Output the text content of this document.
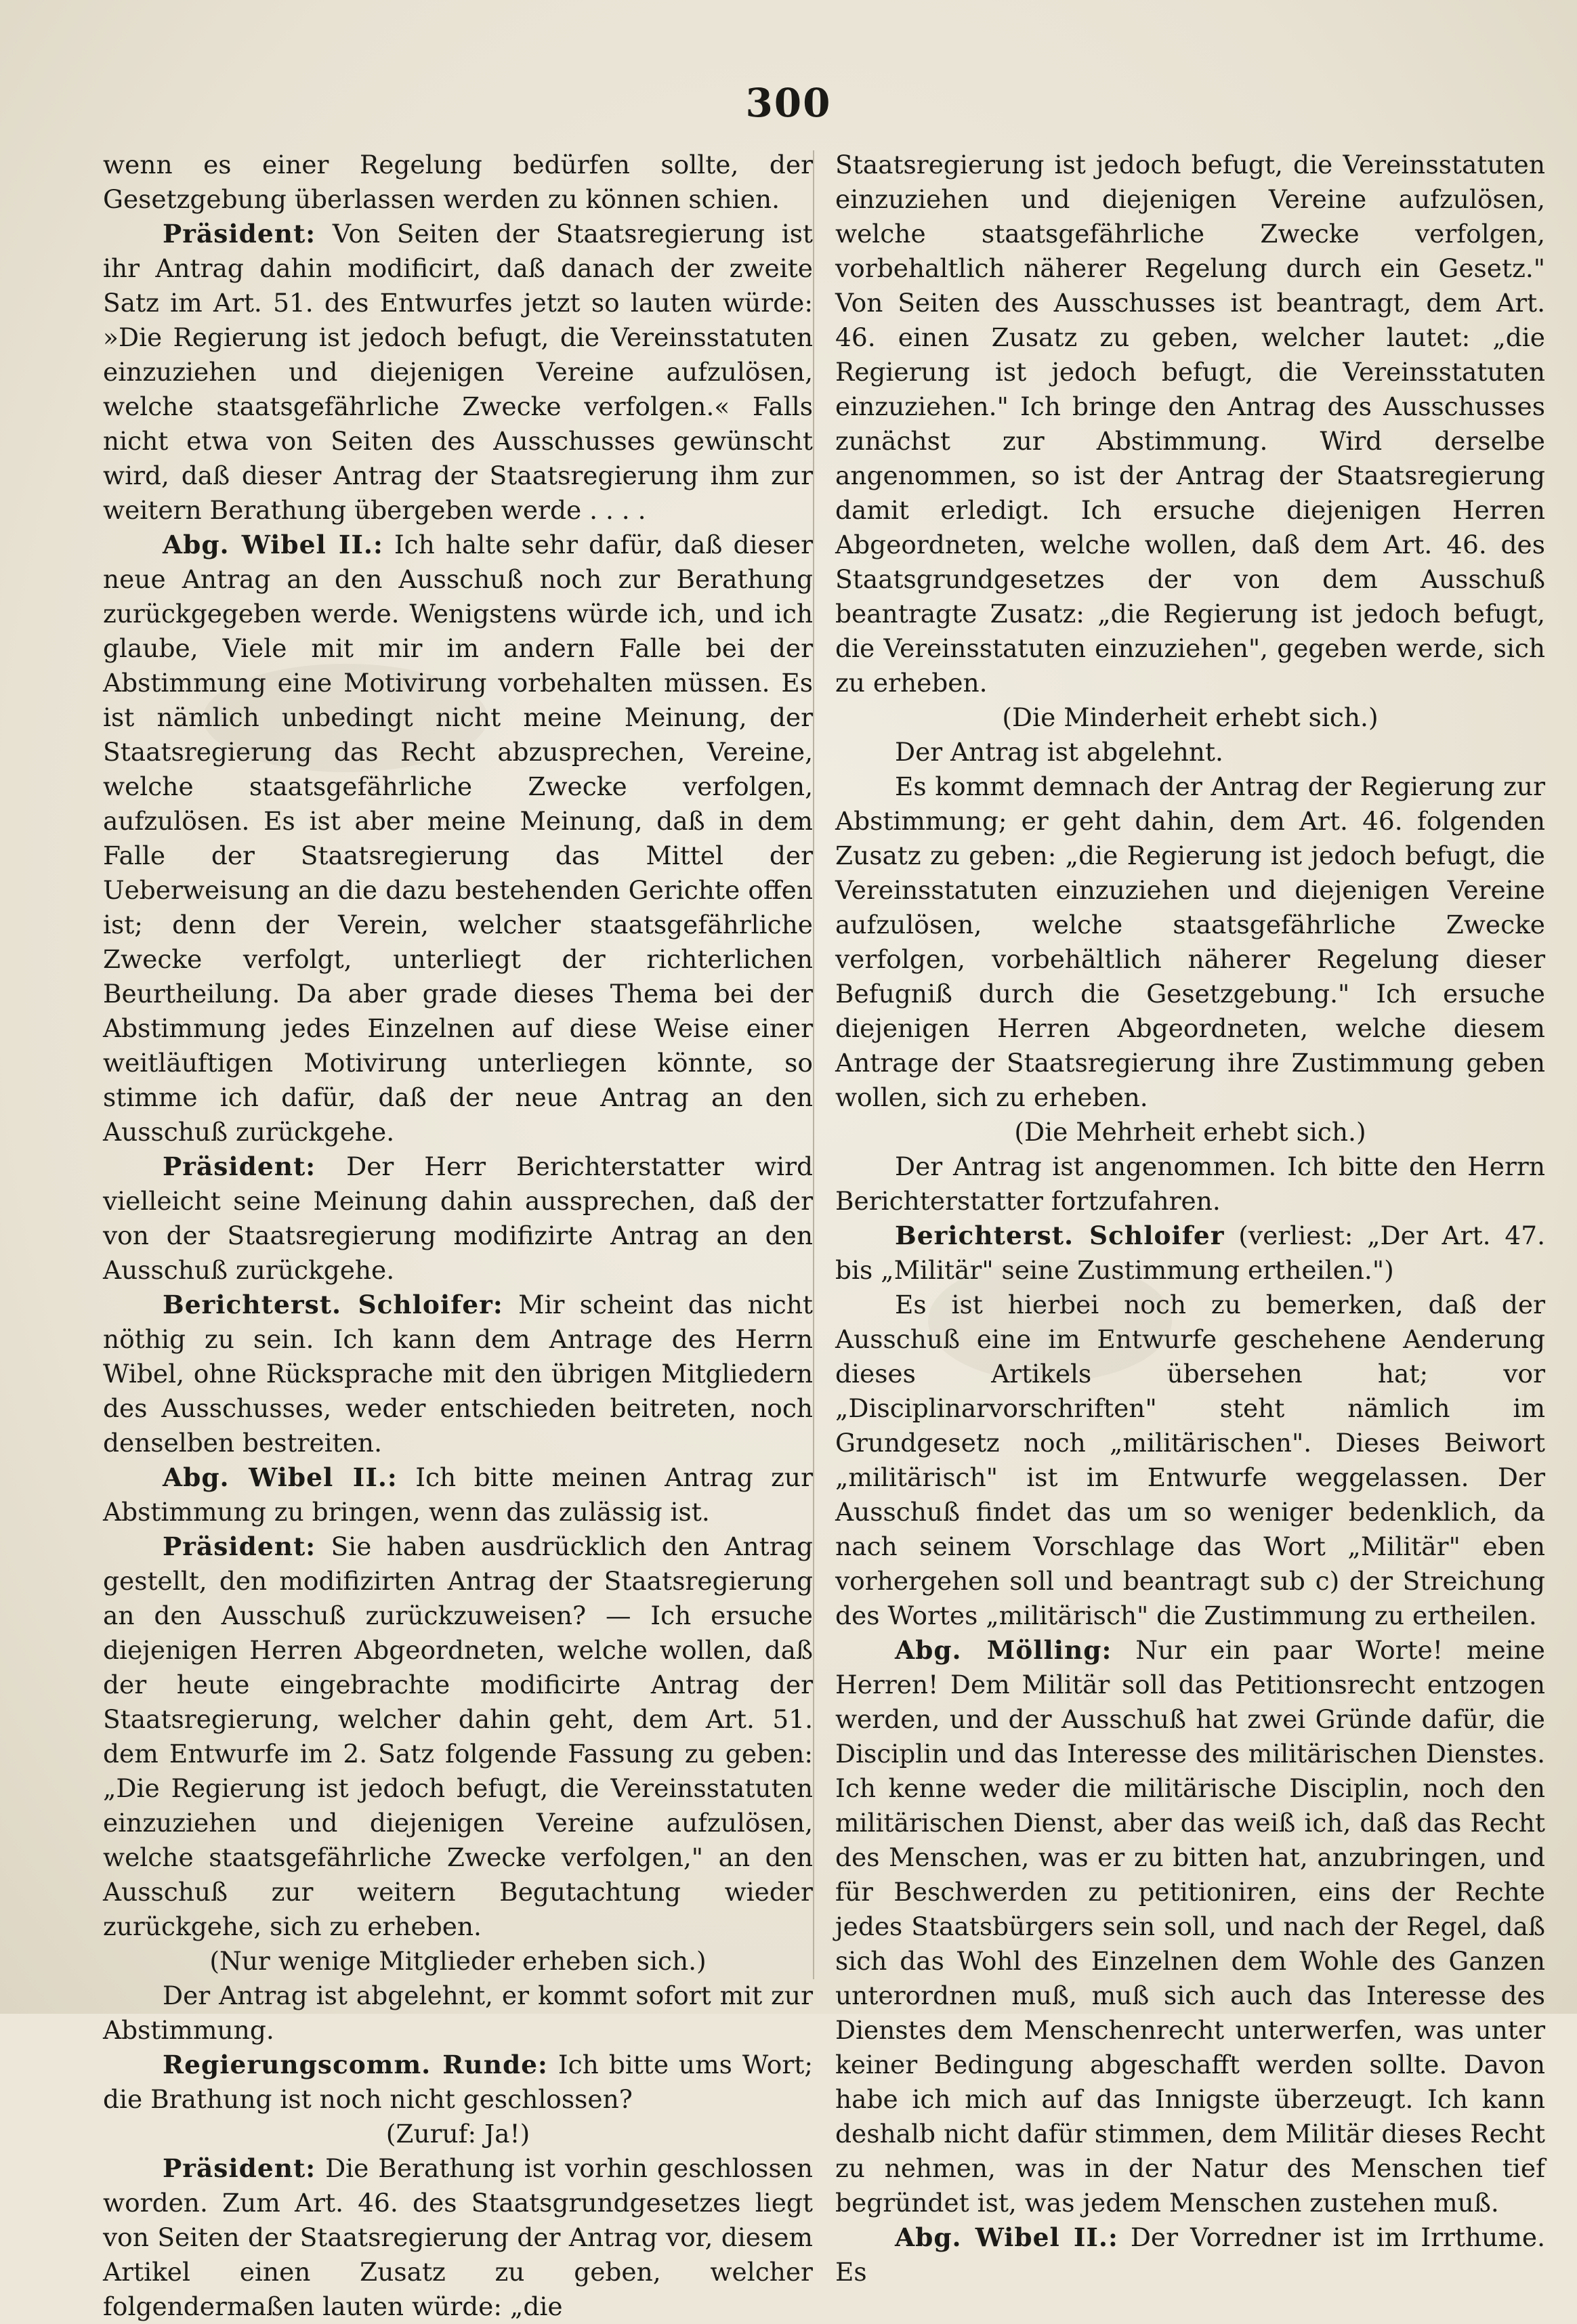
300

wenn es einer Regelung bedürfen sollte, der Gesetzgebung überlassen werden zu können schien.

Präsident: Von Seiten der Staatsregierung ist ihr Antrag dahin modificirt, daß danach der zweite Satz im Art. 51. des Entwurfes jetzt so lauten würde: »Die Regierung ist jedoch befugt, die Vereinsstatuten einzuziehen und diejenigen Vereine aufzulösen, welche staatsgefährliche Zwecke verfolgen.« Falls nicht etwa von Seiten des Ausschusses gewünscht wird, daß dieser Antrag der Staatsregierung ihm zur weitern Berathung übergeben werde . . . .

Abg. Wibel II.: Ich halte sehr dafür, daß dieser neue Antrag an den Ausschuß noch zur Berathung zurückgegeben werde. Wenigstens würde ich, und ich glaube, Viele mit mir im andern Falle bei der Abstimmung eine Motivirung vorbehalten müssen. Es ist nämlich unbedingt nicht meine Meinung, der Staatsregierung das Recht abzusprechen, Vereine, welche staatsgefährliche Zwecke verfolgen, aufzulösen. Es ist aber meine Meinung, daß in dem Falle der Staatsregierung das Mittel der Ueberweisung an die dazu bestehenden Gerichte offen ist; denn der Verein, welcher staatsgefährliche Zwecke verfolgt, unterliegt der richterlichen Beurtheilung. Da aber grade dieses Thema bei der Abstimmung jedes Einzelnen auf diese Weise einer weitläuftigen Motivirung unterliegen könnte, so stimme ich dafür, daß der neue Antrag an den Ausschuß zurückgehe.

Präsident: Der Herr Berichterstatter wird vielleicht seine Meinung dahin aussprechen, daß der von der Staatsregierung modifizirte Antrag an den Ausschuß zurückgehe.

Berichterst. Schloifer: Mir scheint das nicht nöthig zu sein. Ich kann dem Antrage des Herrn Wibel, ohne Rücksprache mit den übrigen Mitgliedern des Ausschusses, weder entschieden beitreten, noch denselben bestreiten.

Abg. Wibel II.: Ich bitte meinen Antrag zur Abstimmung zu bringen, wenn das zulässig ist.

Präsident: Sie haben ausdrücklich den Antrag gestellt, den modifizirten Antrag der Staatsregierung an den Ausschuß zurückzuweisen? — Ich ersuche diejenigen Herren Abgeordneten, welche wollen, daß der heute eingebrachte modificirte Antrag der Staatsregierung, welcher dahin geht, dem Art. 51. dem Entwurfe im 2. Satz folgende Fassung zu geben: „Die Regierung ist jedoch befugt, die Vereinsstatuten einzuziehen und diejenigen Vereine aufzulösen, welche staatsgefährliche Zwecke verfolgen," an den Ausschuß zur weitern Begutachtung wieder zurückgehe, sich zu erheben.

(Nur wenige Mitglieder erheben sich.)

Der Antrag ist abgelehnt, er kommt sofort mit zur Abstimmung.

Regierungscomm. Runde: Ich bitte ums Wort; die Brathung ist noch nicht geschlossen?

(Zuruf: Ja!)

Präsident: Die Berathung ist vorhin geschlossen worden. Zum Art. 46. des Staatsgrundgesetzes liegt von Seiten der Staatsregierung der Antrag vor, diesem Artikel einen Zusatz zu geben, welcher folgendermaßen lauten würde: „die

Staatsregierung ist jedoch befugt, die Vereinsstatuten einzuziehen und diejenigen Vereine aufzulösen, welche staatsgefährliche Zwecke verfolgen, vorbehaltlich näherer Regelung durch ein Gesetz." Von Seiten des Ausschusses ist beantragt, dem Art. 46. einen Zusatz zu geben, welcher lautet: „die Regierung ist jedoch befugt, die Vereinsstatuten einzuziehen." Ich bringe den Antrag des Ausschusses zunächst zur Abstimmung. Wird derselbe angenommen, so ist der Antrag der Staatsregierung damit erledigt. Ich ersuche diejenigen Herren Abgeordneten, welche wollen, daß dem Art. 46. des Staatsgrundgesetzes der von dem Ausschuß beantragte Zusatz: „die Regierung ist jedoch befugt, die Vereinsstatuten einzuziehen", gegeben werde, sich zu erheben.

(Die Minderheit erhebt sich.)

Der Antrag ist abgelehnt.

Es kommt demnach der Antrag der Regierung zur Abstimmung; er geht dahin, dem Art. 46. folgenden Zusatz zu geben: „die Regierung ist jedoch befugt, die Vereinsstatuten einzuziehen und diejenigen Vereine aufzulösen, welche staatsgefährliche Zwecke verfolgen, vorbehältlich näherer Regelung dieser Befugniß durch die Gesetzgebung." Ich ersuche diejenigen Herren Abgeordneten, welche diesem Antrage der Staatsregierung ihre Zustimmung geben wollen, sich zu erheben.

(Die Mehrheit erhebt sich.)

Der Antrag ist angenommen. Ich bitte den Herrn Berichterstatter fortzufahren.

Berichterst. Schloifer (verliest: „Der Art. 47. bis „Militär" seine Zustimmung ertheilen.")

Es ist hierbei noch zu bemerken, daß der Ausschuß eine im Entwurfe geschehene Aenderung dieses Artikels übersehen hat; vor „Disciplinarvorschriften" steht nämlich im Grundgesetz noch „militärischen". Dieses Beiwort „militärisch" ist im Entwurfe weggelassen. Der Ausschuß findet das um so weniger bedenklich, da nach seinem Vorschlage das Wort „Militär" eben vorhergehen soll und beantragt sub c) der Streichung des Wortes „militärisch" die Zustimmung zu ertheilen.

Abg. Mölling: Nur ein paar Worte! meine Herren! Dem Militär soll das Petitionsrecht entzogen werden, und der Ausschuß hat zwei Gründe dafür, die Disciplin und das Interesse des militärischen Dienstes. Ich kenne weder die militärische Disciplin, noch den militärischen Dienst, aber das weiß ich, daß das Recht des Menschen, was er zu bitten hat, anzubringen, und für Beschwerden zu petitioniren, eins der Rechte jedes Staatsbürgers sein soll, und nach der Regel, daß sich das Wohl des Einzelnen dem Wohle des Ganzen unterordnen muß, muß sich auch das Interesse des Dienstes dem Menschenrecht unterwerfen, was unter keiner Bedingung abgeschafft werden sollte. Davon habe ich mich auf das Innigste überzeugt. Ich kann deshalb nicht dafür stimmen, dem Militär dieses Recht zu nehmen, was in der Natur des Menschen tief begründet ist, was jedem Menschen zustehen muß.

Abg. Wibel II.: Der Vorredner ist im Irrthume. Es
